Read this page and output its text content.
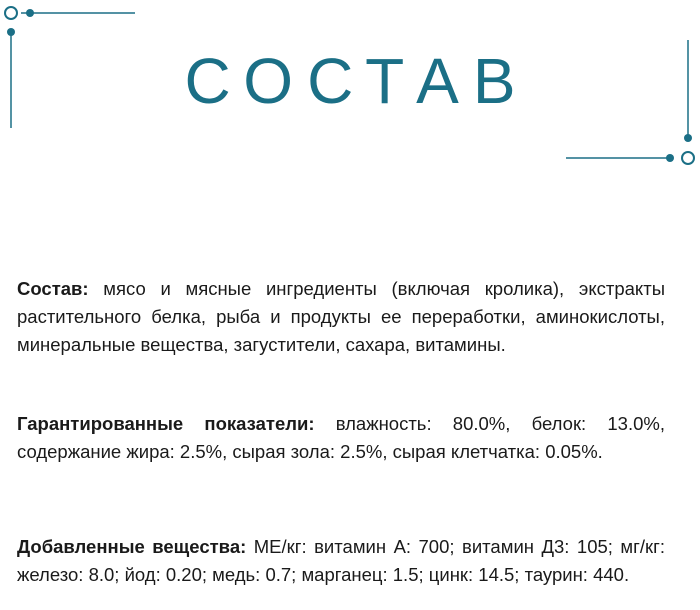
СОСТАВ

Состав: мясо и мясные ингредиенты (включая кролика), экстракты растительного белка, рыба и продукты ее переработки, аминокислоты, минеральные вещества, загустители, сахара, витамины.

Гарантированные показатели: влажность: 80.0%, белок: 13.0%, содержание жира: 2.5%, сырая зола: 2.5%, сырая клетчатка: 0.05%.

Добавленные вещества: МЕ/кг: витамин А: 700; витамин Д3: 105; мг/кг: железо: 8.0; йод: 0.20; медь: 0.7; марганец: 1.5; цинк: 14.5; таурин: 440.
